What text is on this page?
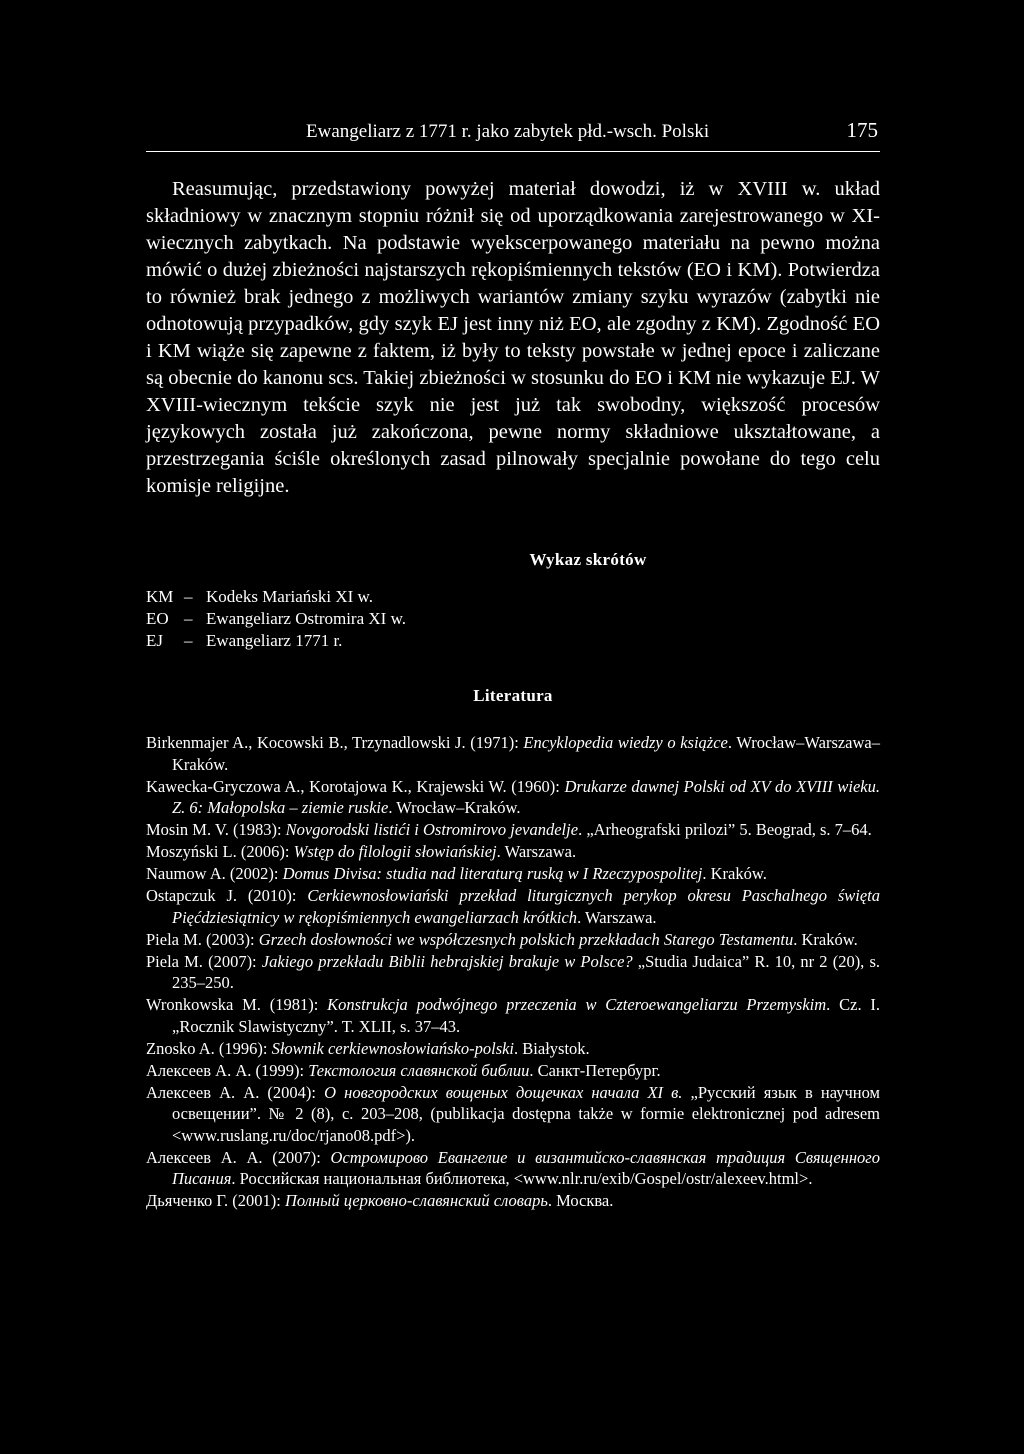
Ewangeliarz z 1771 r. jako zabytek płd.-wsch. Polski	175

Reasumując, przedstawiony powyżej materiał dowodzi, iż w XVIII w. układ składniowy w znacznym stopniu różnił się od uporządkowania zarejestrowanego w XI-wiecznych zabytkach. Na podstawie wyekscerpowanego materiału na pewno można mówić o dużej zbieżności najstarszych rękopiśmiennych tekstów (EO i KM). Potwierdza to również brak jednego z możliwych wariantów zmiany szyku wyrazów (zabytki nie odnotowują przypadków, gdy szyk EJ jest inny niż EO, ale zgodny z KM). Zgodność EO i KM wiąże się zapewne z faktem, iż były to teksty powstałe w jednej epoce i zaliczane są obecnie do kanonu scs. Takiej zbieżności w stosunku do EO i KM nie wykazuje EJ. W XVIII-wiecznym tekście szyk nie jest już tak swobodny, większość procesów językowych została już zakończona, pewne normy składniowe ukształtowane, a przestrzegania ściśle określonych zasad pilnowały specjalnie powołane do tego celu komisje religijne.

Wykaz skrótów
KM – Kodeks Mariański XI w.
EO – Ewangeliarz Ostromira XI w.
EJ	– Ewangeliarz 1771 r.
Literatura
Birkenmajer A., Kocowski B., Trzynadlowski J. (1971): Encyklopedia wiedzy o książce. Wrocław–Warszawa–Kraków.
Kawecka-Gryczowa A., Korotajowa K., Krajewski W. (1960): Drukarze dawnej Polski od XV do XVIII wieku. Z. 6: Małopolska – ziemie ruskie. Wrocław–Kraków.
Mosin M. V. (1983): Novgorodski listići i Ostromirovo jevandelje. „Arheografski prilozi” 5. Beograd, s. 7–64.
Moszyński L. (2006): Wstęp do filologii słowiańskiej. Warszawa.
Naumow A. (2002): Domus Divisa: studia nad literaturą ruską w I Rzeczypospolitej. Kraków.
Ostapczuk J. (2010): Cerkiewnosłowiański przekład liturgicznych perykop okresu Paschalnego święta Pięćdziesiątnicy w rękopiśmiennych ewangeliarzach krótkich. Warszawa.
Piela M. (2003): Grzech dosłowności we współczesnych polskich przekładach Starego Testamentu. Kraków.
Piela M. (2007): Jakiego przekładu Biblii hebrajskiej brakuje w Polsce? „Studia Judaica” R. 10, nr 2 (20), s. 235–250.
Wronkowska M. (1981): Konstrukcja podwójnego przeczenia w Czteroewangeliarzu Przemyskim. Cz. I. „Rocznik Slawistyczny”. T. XLII, s. 37–43.
Znosko A. (1996): Słownik cerkiewnosłowiańsko-polski. Białystok.
Алексеев А. А. (1999): Текстология славянской библии. Санкт-Петербург.
Алексеев А. А. (2004): О новгородских вощеных дощечках начала XI в. „Русский язык в научном освещении”. № 2 (8), с. 203–208, (publikacja dostępna także w formie elektronicznej pod adresem <www.ruslang.ru/doc/rjano08.pdf>).
Алексеев А. А. (2007): Остромирово Евангелие и византийско-славянская традиция Священного Писания. Российская национальная библиотека, <www.nlr.ru/exib/Gospel/ostr/alexeev.html>.
Дьяченко Г. (2001): Полный церковно-славянский словарь. Москва.
